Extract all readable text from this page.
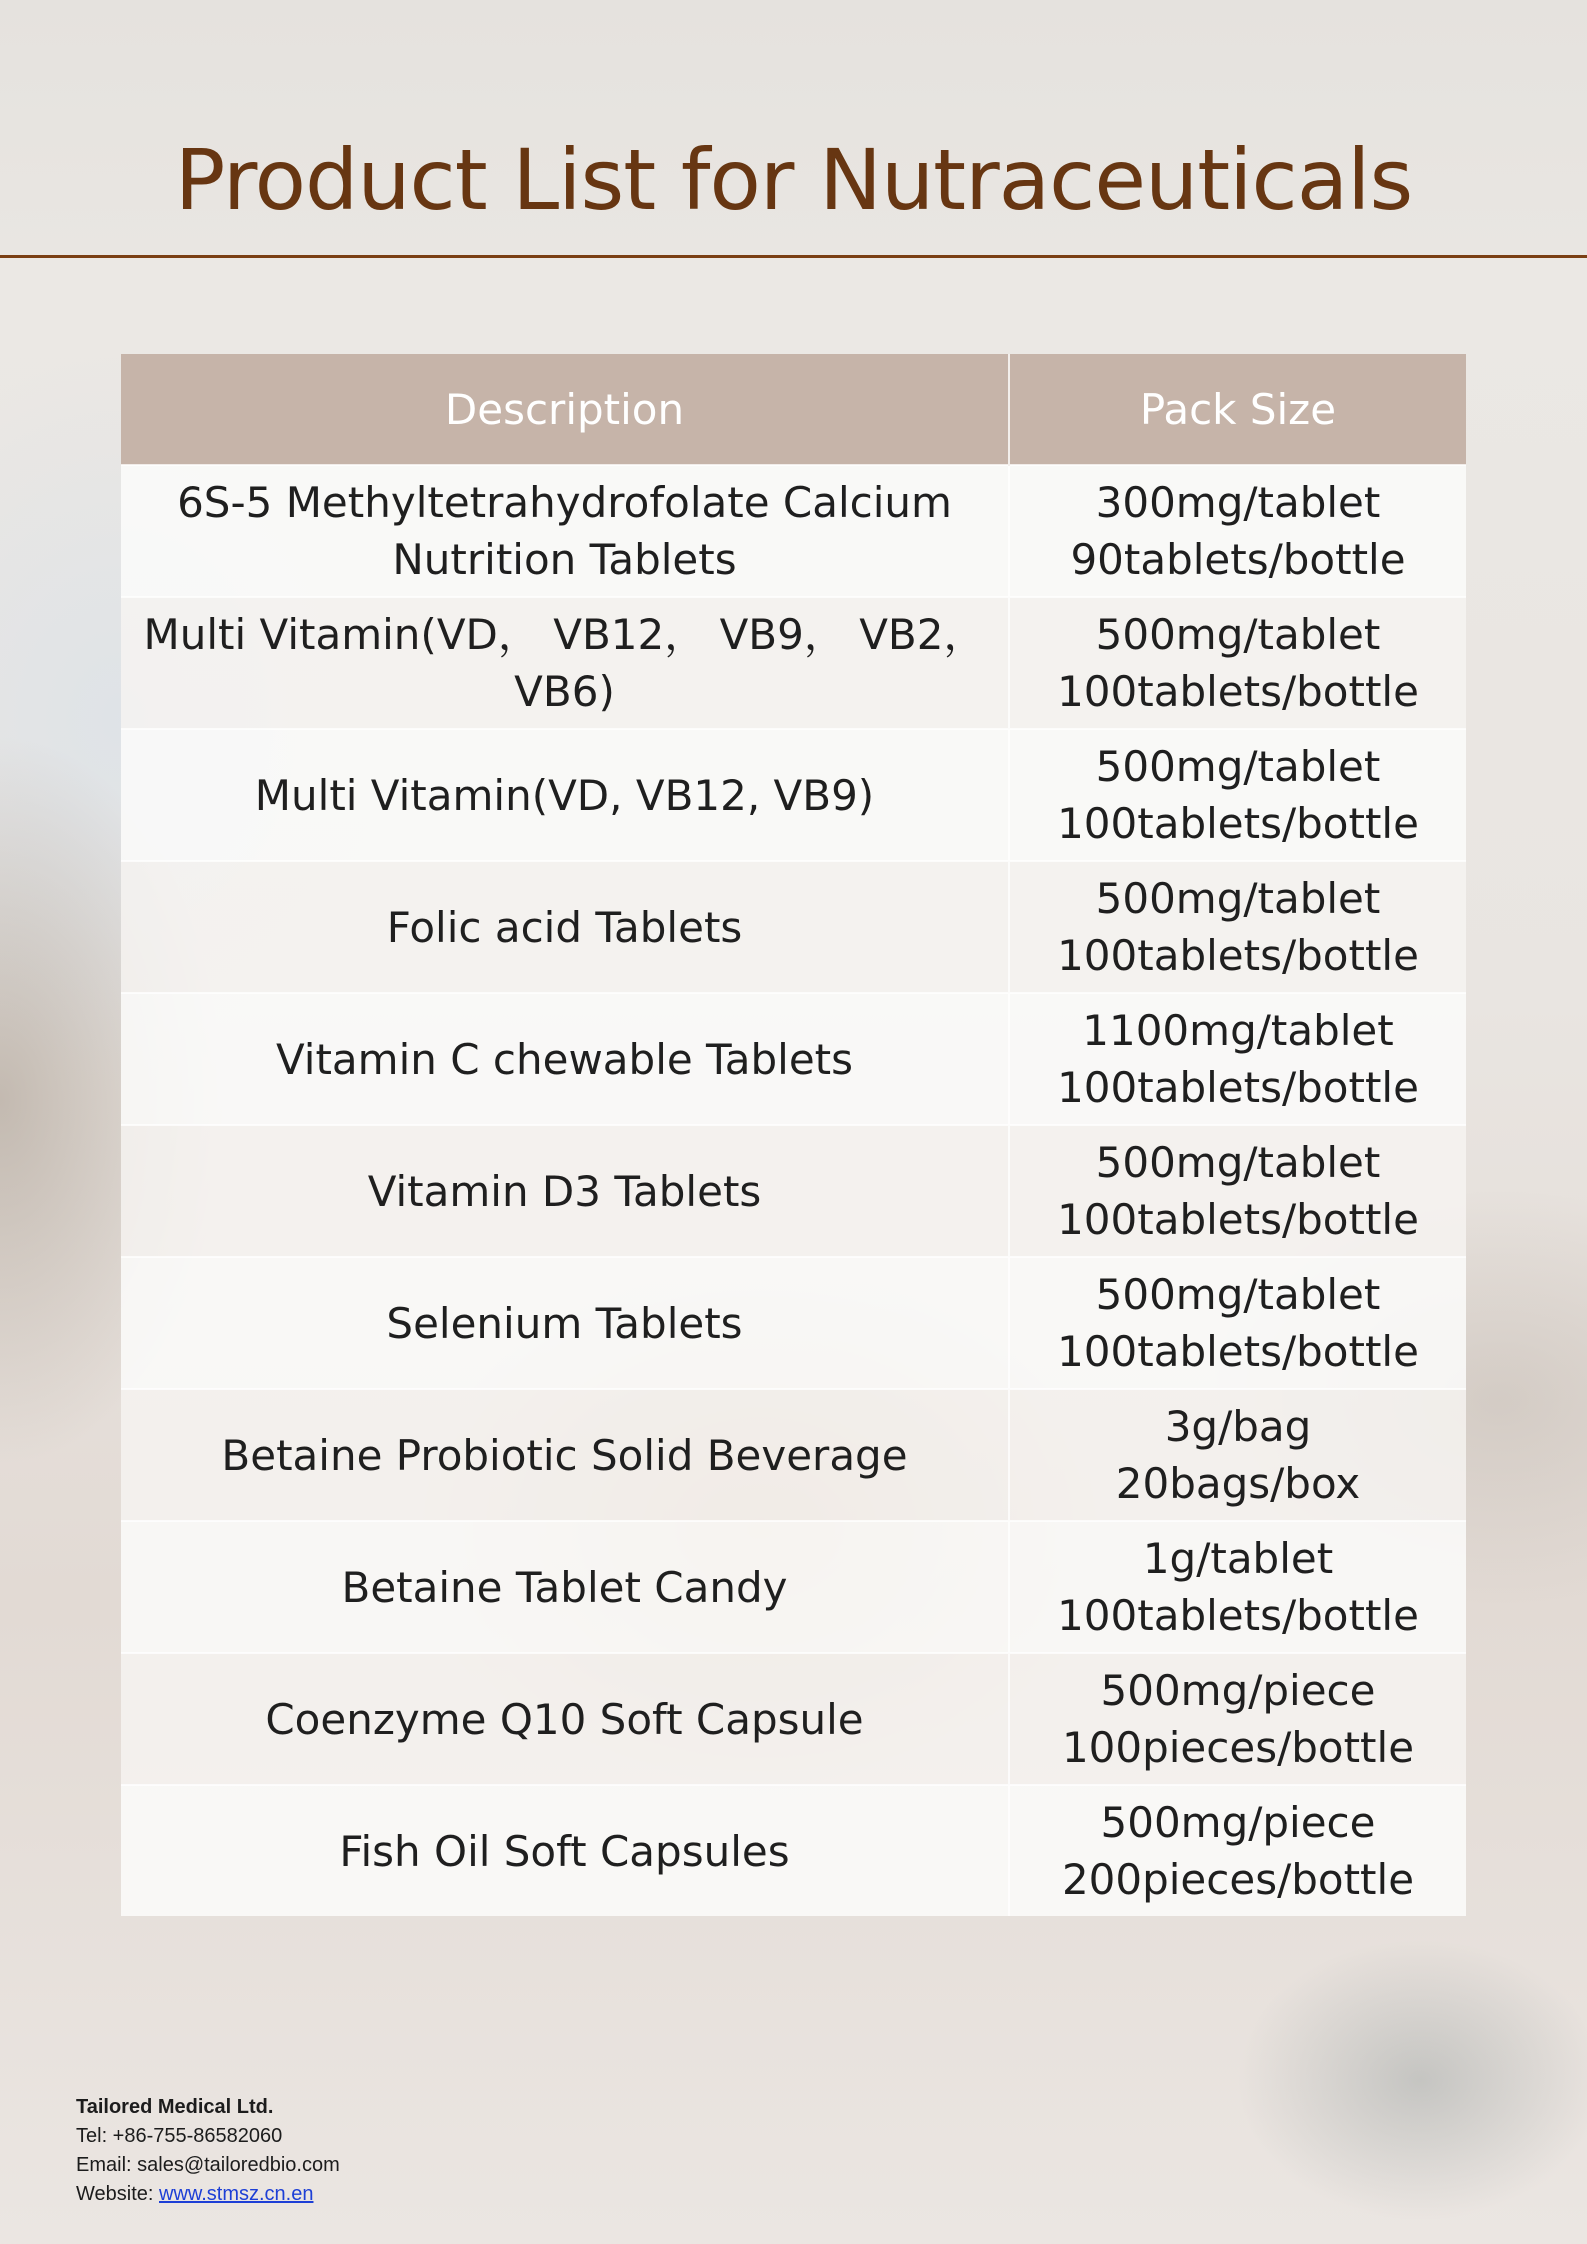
Product List for Nutraceuticals
Description	Pack Size
6S-5 Methyltetrahydrofolate Calcium Nutrition Tablets	300mg/tablet
90tablets/bottle

Multi Vitamin(VD， VB12， VB9， VB2， VB6)	500mg/tablet
100tablets/bottle

Multi Vitamin(VD, VB12, VB9)	500mg/tablet
100tablets/bottle

Folic acid Tablets	500mg/tablet
100tablets/bottle

Vitamin C chewable Tablets	1100mg/tablet
100tablets/bottle

Vitamin D3 Tablets	500mg/tablet
100tablets/bottle

Selenium Tablets	500mg/tablet
100tablets/bottle

Betaine Probiotic Solid Beverage	3g/bag
20bags/box

Betaine Tablet Candy	1g/tablet
100tablets/bottle

Coenzyme Q10 Soft Capsule	500mg/piece
100pieces/bottle

Fish Oil Soft Capsules	500mg/piece
200pieces/bottle
Tailored Medical Ltd.
Tel: +86-755-86582060
Email: sales@tailoredbio.com
Website: www.stmsz.cn.en
